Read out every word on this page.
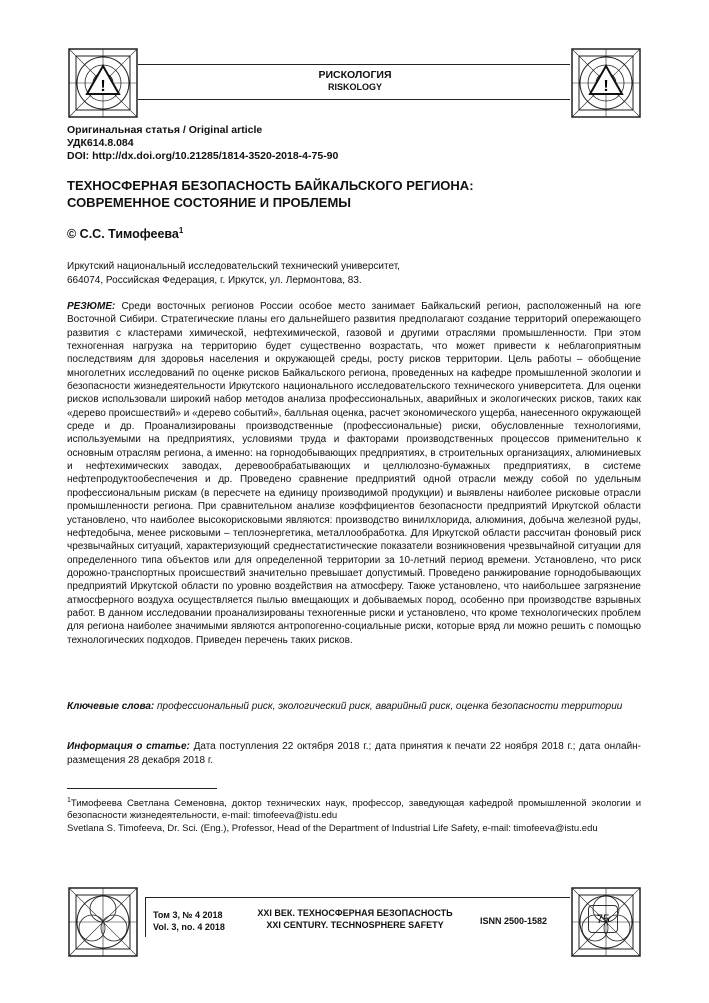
!	!
РИСКОЛОГИЯ
RISKOLOGY
Оригинальная статья / Original article
УДК614.8.084
DOI: http://dx.doi.org/10.21285/1814-3520-2018-4-75-90
ТЕХНОСФЕРНАЯ БЕЗОПАСНОСТЬ БАЙКАЛЬСКОГО РЕГИОНА:
СОВРЕМЕННОЕ СОСТОЯНИЕ И ПРОБЛЕМЫ
© С.С. Тимофеева$^1$
Иркутский национальный исследовательский технический университет,
664074, Российская Федерация, г. Иркутск, ул. Лермонтова, 83.
РЕЗЮМЕ: Среди восточных регионов России особое место занимает Байкальский регион, расположенный на юге Восточной Сибири. Стратегические планы его дальнейшего развития предполагают создание территорий опережающего развития с кластерами химической, нефтехимической, газовой и другими отраслями промышленности. При этом техногенная нагрузка на территорию будет существенно возрастать, что может привести к неблагоприятным последствиям для здоровья населения и окружающей среды, росту рисков территории. Цель работы – обобщение многолетних исследований по оценке рисков Байкальского региона, проведенных на кафедре промышленной экологии и безопасности жизнедеятельности Иркутского национального исследовательского технического университета. Для оценки рисков использовали широкий набор методов анализа профессиональных, аварийных и экологических рисков, таких как «дерево происшествий» и «дерево событий», балльная оценка, расчет экономического ущерба, нанесенного окружающей среде и др. Проанализированы производственные (профессиональные) риски, обусловленные технологиями, используемыми на предприятиях, условиями труда и факторами производственных процессов применительно к основным отраслям региона, а именно: на горнодобывающих предприятиях, в строительных организациях, алюминиевых и нефтехимических заводах, деревообрабатывающих и целлюлозно-бумажных предприятиях, в системе нефтепродуктообеспечения и др. Проведено сравнение предприятий одной отрасли между собой по удельным профессиональным рискам (в пересчете на единицу производимой продукции) и выявлены наиболее рисковые отрасли промышленности региона. При сравнительном анализе коэффициентов безопасности предприятий Иркутской области установлено, что наиболее высокорисковыми являются: производство винилхлорида, алюминия, добыча железной руды, нефтедобыча, менее рисковыми – теплоэнергетика, металлообработка. Для Иркутской области рассчитан фоновый риск чрезвычайных ситуаций, характеризующий среднестатистические показатели возникновения чрезвычайной ситуации для определенного типа объектов или для определенной территории за 10-летний период времени. Установлено, что риск дорожно-транспортных происшествий значительно превышает допустимый. Проведено ранжирование горнодобывающих предприятий Иркутской области по уровню воздействия на атмосферу. Также установлено, что наибольшее загрязнение атмосферного воздуха осуществляется пылью вмещающих и добываемых пород, особенно при производстве взрывных работ. В данном исследовании проанализированы техногенные риски и установлено, что кроме технологических проблем для региона наиболее значимыми являются антропогенно-социальные риски, которые вряд ли можно решить с помощью технологических подходов. Приведен перечень таких рисков.
Ключевые слова: профессиональный риск, экологический риск, аварийный риск, оценка безопасности территории
Информация о статье: Дата поступления 22 октября 2018 г.; дата принятия к печати 22 ноября 2018 г.; дата онлайн-размещения 28 декабря 2018 г.
$^1$Тимофеева Светлана Семеновна, доктор технических наук, профессор, заведующая кафедрой промышленной экологии и безопасности жизнедеятельности, e-mail: timofeeva@istu.edu
Svetlana S. Timofeeva, Dr. Sci. (Eng.), Professor, Head of the Department of Industrial Life Safety, e-mail: timofeeva@istu.edu
Том 3, № 4 2018
Vol. 3, no. 4 2018
XXI ВЕК. ТЕХНОСФЕРНАЯ БЕЗОПАСНОСТЬ
XXI CENTURY. TECHNOSPHERE SAFETY	ISNN 2500-1582	75
